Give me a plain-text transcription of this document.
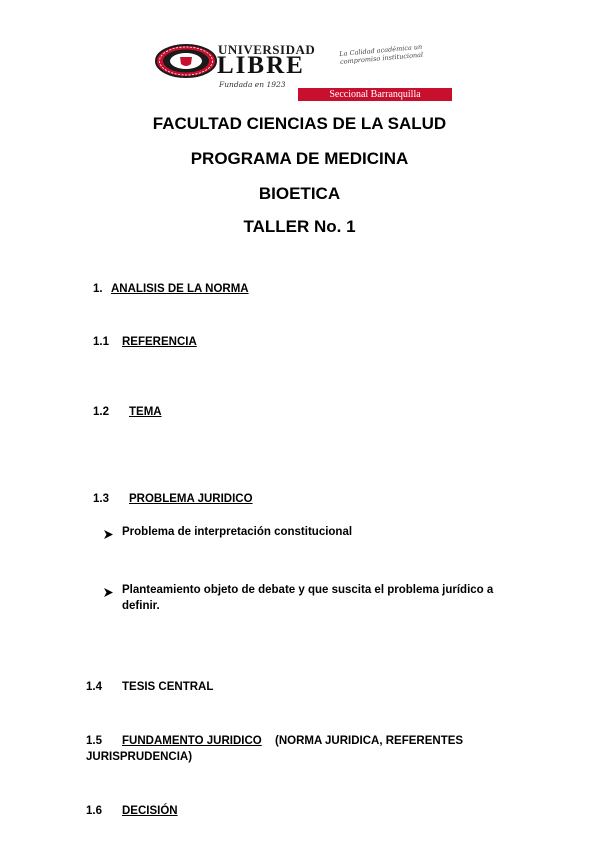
UNIVERSIDAD
LIBRE
Fundada en 1923
La Calidad académica un compromiso institucional
Seccional Barranquilla
FACULTAD CIENCIAS DE LA SALUD
PROGRAMA DE MEDICINA
BIOETICA
TALLER No. 1
1. ANALISIS DE LA NORMA
1.1 REFERENCIA
1.2 TEMA
1.3 PROBLEMA JURIDICO
Problema de interpretación constitucional
Planteamiento objeto de debate y que suscita el problema jurídico a
definir.
1.4 TESIS CENTRAL
1.5 FUNDAMENTO JURIDICO (NORMA JURIDICA, REFERENTES
JURISPRUDENCIA)
1.6 DECISIÓN
